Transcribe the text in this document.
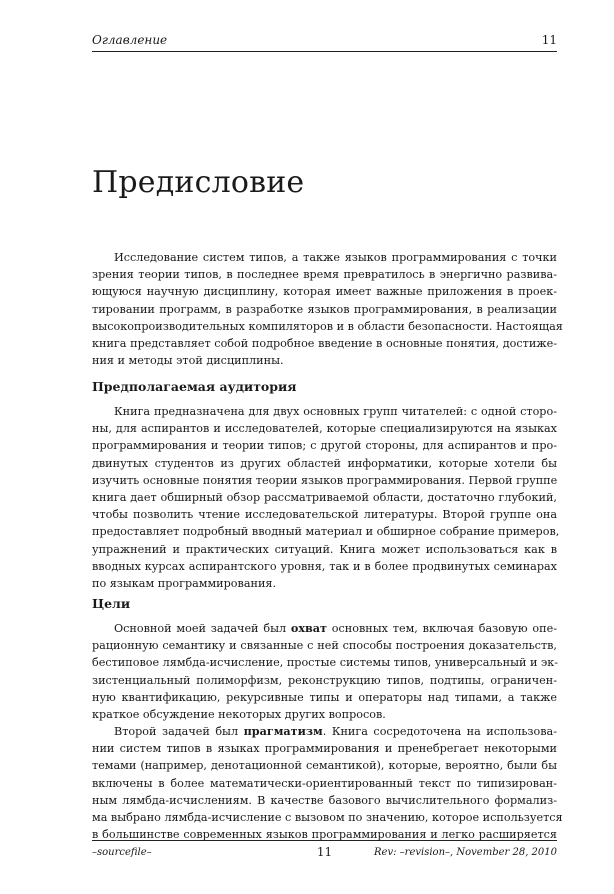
Оглавление	11
Предисловие
Исследование систем типов, а также языков программирования с точки
зрения теории типов, в последнее время превратилось в энергично развива-
ющуюся научную дисциплину, которая имеет важные приложения в проек-
тировании программ, в разработке языков программирования, в реализации
высокопроизводительных компиляторов и в области безопасности. Настоящая
книга представляет собой подробное введение в основные понятия, достиже-
ния и методы этой дисциплины.
Предполагаемая аудитория
Книга предназначена для двух основных групп читателей: с одной сторо-
ны, для аспирантов и исследователей, которые специализируются на языках
программирования и теории типов; с другой стороны, для аспирантов и про-
двинутых студентов из других областей информатики, которые хотели бы
изучить основные понятия теории языков программирования. Первой группе
книга дает обширный обзор рассматриваемой области, достаточно глубокий,
чтобы позволить чтение исследовательской литературы. Второй группе она
предоставляет подробный вводный материал и обширное собрание примеров,
упражнений и практических ситуаций. Книга может использоваться как в
вводных курсах аспирантского уровня, так и в более продвинутых семинарах
по языкам программирования.
Цели
Основной моей задачей был охват основных тем, включая базовую опе-
рационную семантику и связанные с ней способы построения доказательств,
бестиповое лямбда-исчисление, простые системы типов, универсальный и эк-
зистенциальный полиморфизм, реконструкцию типов, подтипы, ограничен-
ную квантификацию, рекурсивные типы и операторы над типами, а также
краткое обсуждение некоторых других вопросов.
Второй задачей был прагматизм. Книга сосредоточена на использова-
нии систем типов в языках программирования и пренебрегает некоторыми
темами (например, денотационной семантикой), которые, вероятно, были бы
включены в более математически-ориентированный текст по типизирован-
ным лямбда-исчислениям. В качестве базового вычислительного формализ-
ма выбрано лямбда-исчисление с вызовом по значению, которое используется
в большинстве современных языков программирования и легко расширяется
–sourcefile–	11	Rev: –revision–, November 28, 2010
